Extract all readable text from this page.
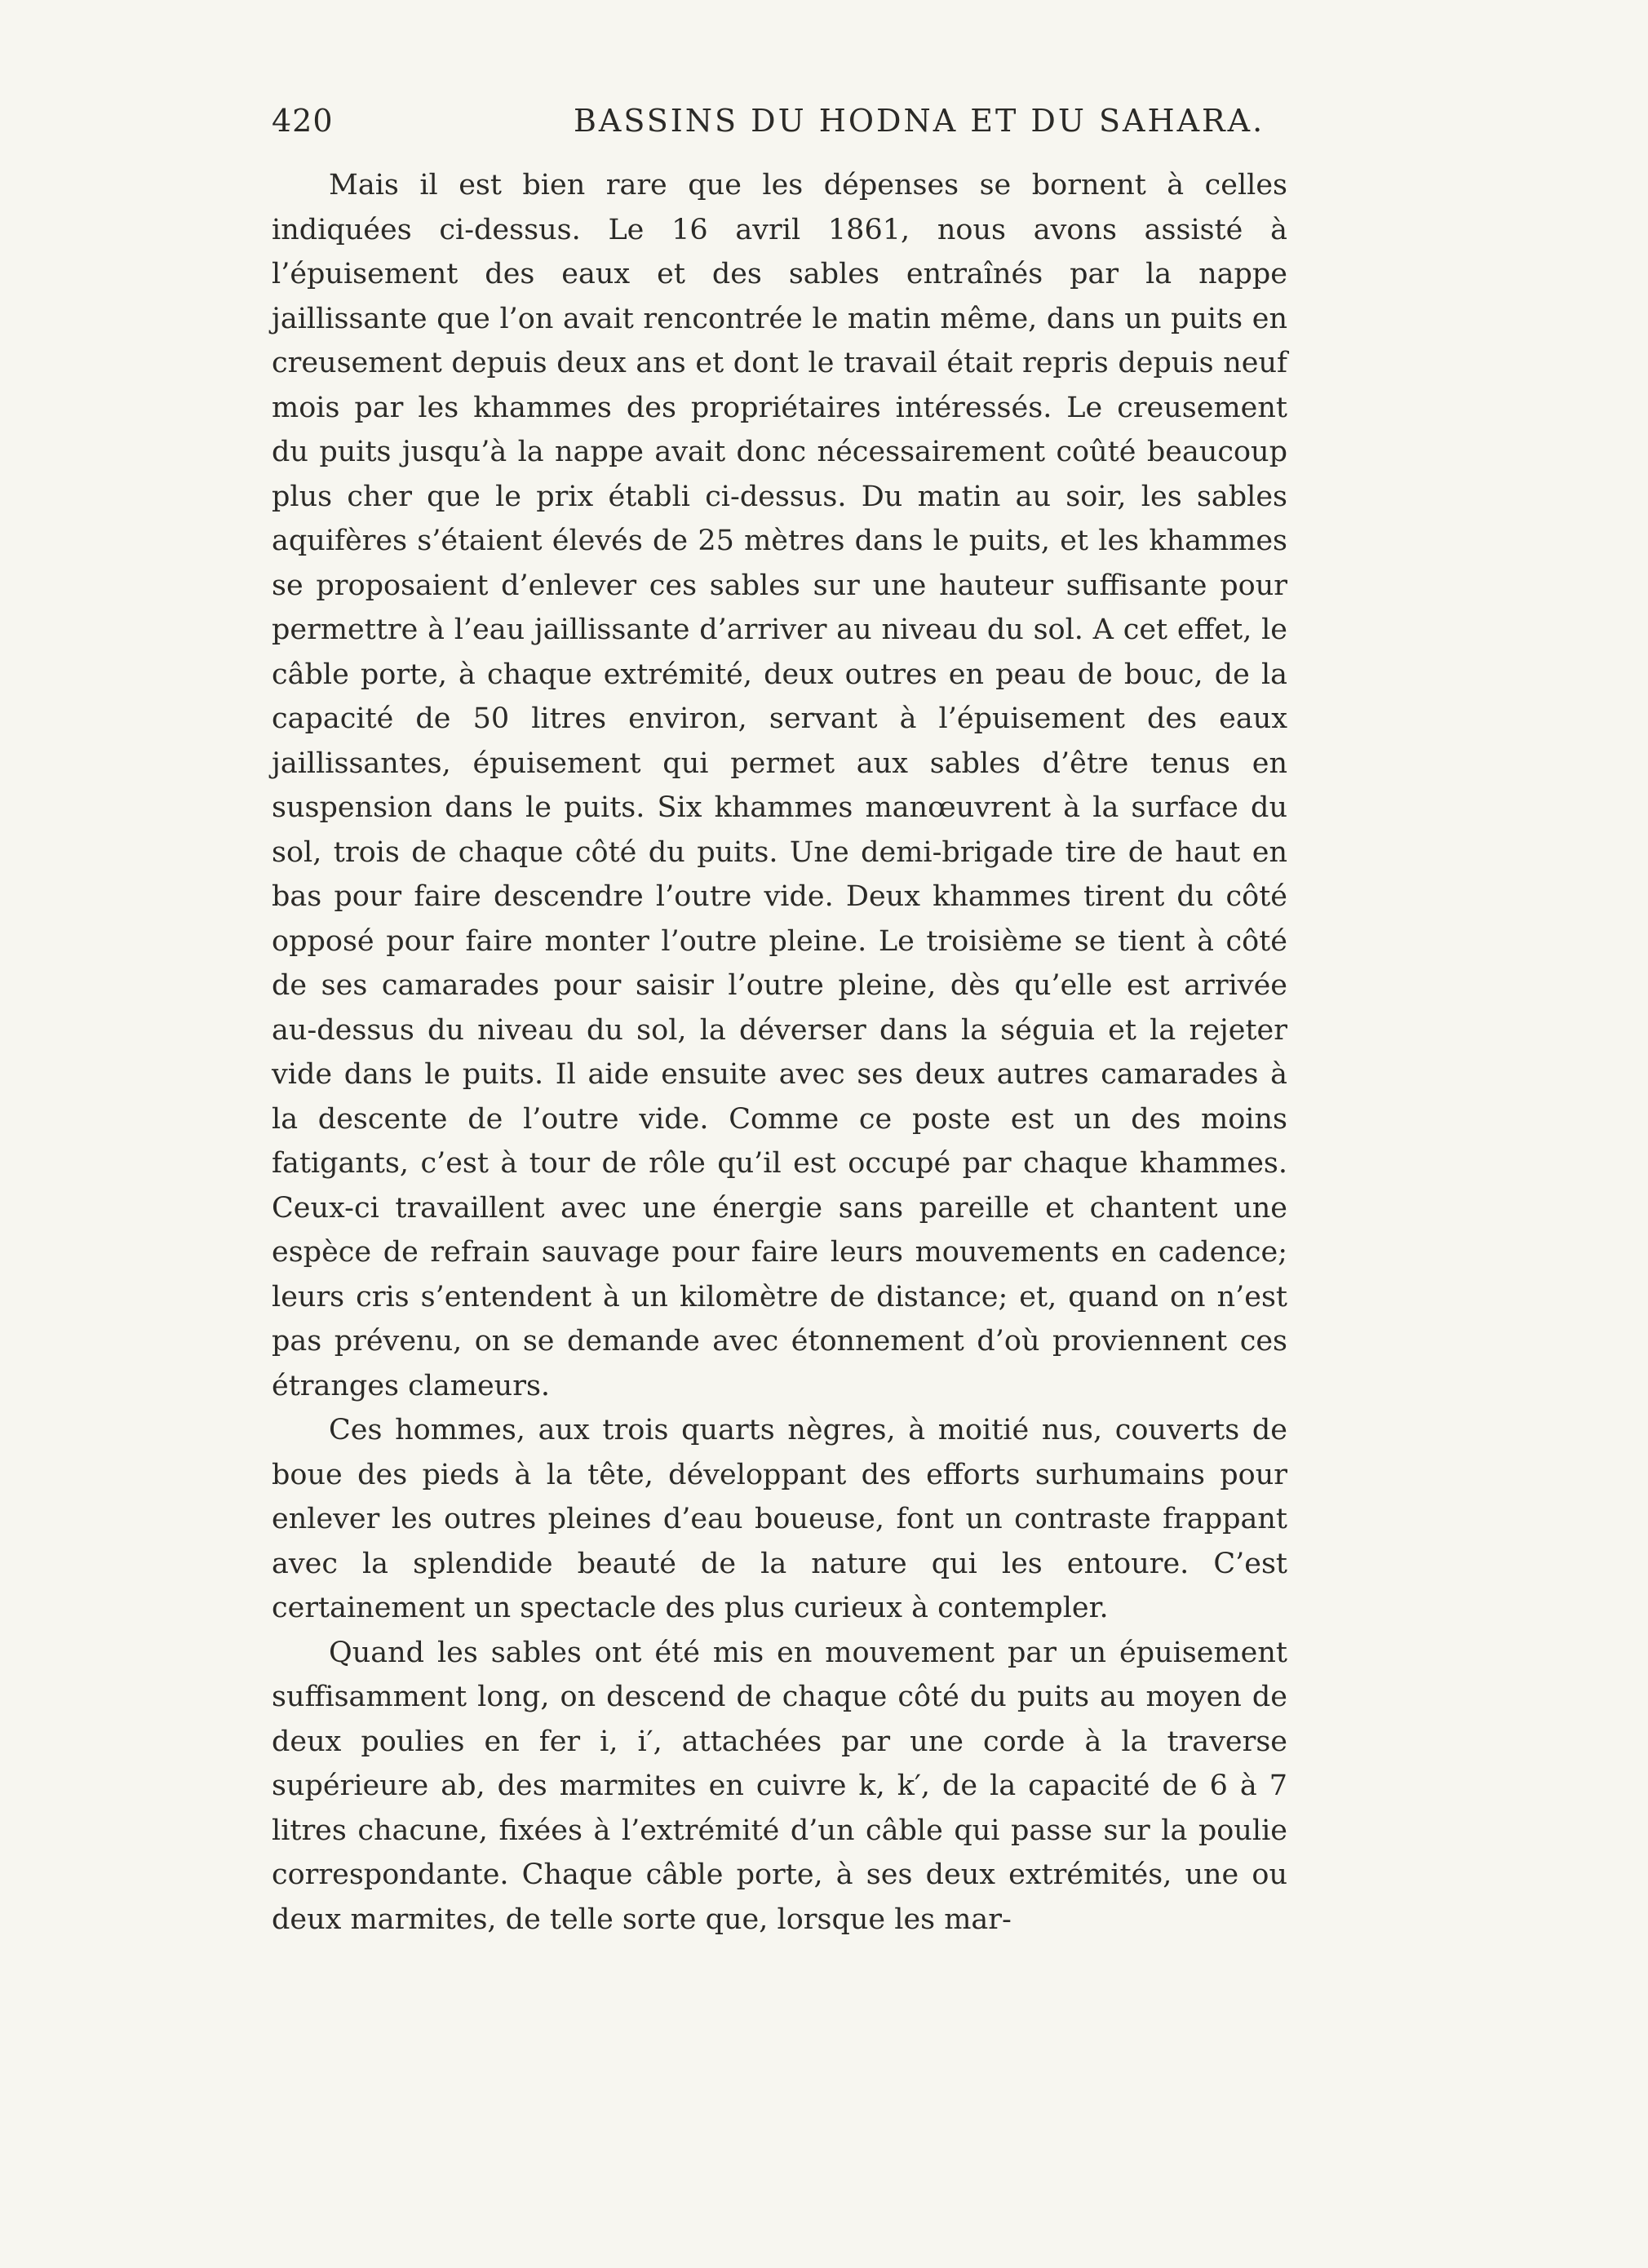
420	BASSINS DU HODNA ET DU SAHARA.

Mais il est bien rare que les dépenses se bornent à celles indiquées ci-dessus. Le 16 avril 1861, nous avons assisté à l’épuisement des eaux et des sables entraînés par la nappe jaillissante que l’on avait rencontrée le matin même, dans un puits en creusement depuis deux ans et dont le travail était repris depuis neuf mois par les khammes des propriétaires intéressés. Le creusement du puits jusqu’à la nappe avait donc nécessairement coûté beaucoup plus cher que le prix établi ci-dessus. Du matin au soir, les sables aquifères s’étaient élevés de 25 mètres dans le puits, et les khammes se proposaient d’enlever ces sables sur une hauteur suffisante pour permettre à l’eau jaillissante d’arriver au niveau du sol. A cet effet, le câble porte, à chaque extrémité, deux outres en peau de bouc, de la capacité de 50 litres environ, servant à l’épuisement des eaux jaillissantes, épuisement qui permet aux sables d’être tenus en suspension dans le puits. Six khammes manœuvrent à la surface du sol, trois de chaque côté du puits. Une demi-brigade tire de haut en bas pour faire descendre l’outre vide. Deux khammes tirent du côté opposé pour faire monter l’outre pleine. Le troisième se tient à côté de ses camarades pour saisir l’outre pleine, dès qu’elle est arrivée au-dessus du niveau du sol, la déverser dans la séguia et la rejeter vide dans le puits. Il aide ensuite avec ses deux autres camarades à la descente de l’outre vide. Comme ce poste est un des moins fatigants, c’est à tour de rôle qu’il est occupé par chaque khammes. Ceux-ci travaillent avec une énergie sans pareille et chantent une espèce de refrain sauvage pour faire leurs mouvements en cadence; leurs cris s’entendent à un kilomètre de distance; et, quand on n’est pas prévenu, on se demande avec étonnement d’où proviennent ces étranges clameurs.

Ces hommes, aux trois quarts nègres, à moitié nus, couverts de boue des pieds à la tête, développant des efforts surhumains pour enlever les outres pleines d’eau boueuse, font un contraste frappant avec la splendide beauté de la nature qui les entoure. C’est certainement un spectacle des plus curieux à contempler.

Quand les sables ont été mis en mouvement par un épuisement suffisamment long, on descend de chaque côté du puits au moyen de deux poulies en fer i, i′, attachées par une corde à la traverse supérieure ab, des marmites en cuivre k, k′, de la capacité de 6 à 7 litres chacune, fixées à l’extrémité d’un câble qui passe sur la poulie correspondante. Chaque câble porte, à ses deux extrémités, une ou deux marmites, de telle sorte que, lorsque les mar-
